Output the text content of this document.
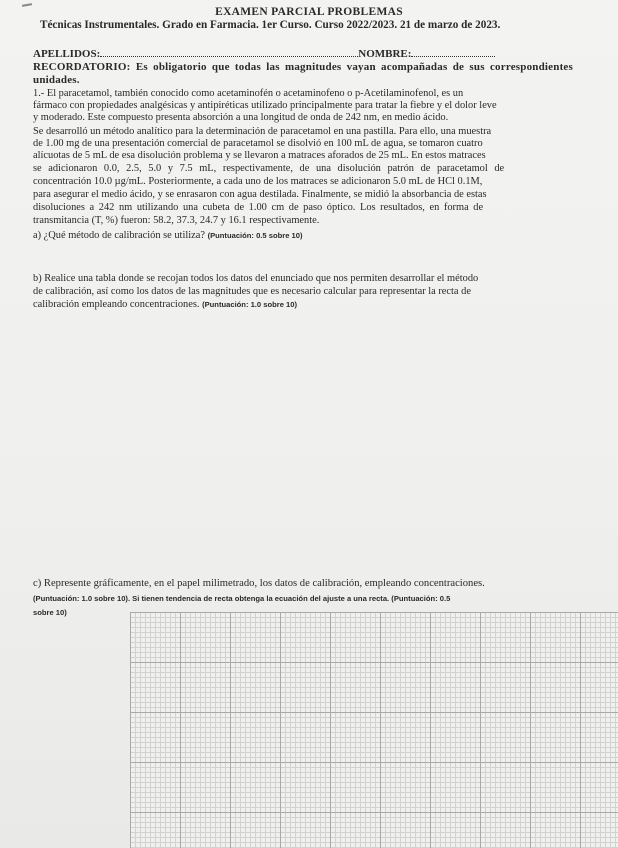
EXAMEN PARCIAL PROBLEMAS
Técnicas Instrumentales. Grado en Farmacia. 1er Curso. Curso 2022/2023. 21 de marzo de 2023.
APELLIDOS:	NOMBRE:
RECORDATORIO: Es obligatorio que todas las magnitudes vayan acompañadas de sus correspondientes unidades.
1.- El paracetamol, también conocido como acetaminofén o acetaminofeno o p-Acetilaminofenol, es un
fármaco con propiedades analgésicas y antipiréticas utilizado principalmente para tratar la fiebre y el dolor leve
y moderado. Este compuesto presenta absorción a una longitud de onda de 242 nm, en medio ácido.
Se desarrolló un método analítico para la determinación de paracetamol en una pastilla. Para ello, una muestra
de 1.00 mg de una presentación comercial de paracetamol se disolvió en 100 mL de agua, se tomaron cuatro
alícuotas de 5 mL de esa disolución problema y se llevaron a matraces aforados de 25 mL. En estos matraces
se adicionaron 0.0, 2.5, 5.0 y 7.5 mL, respectivamente, de una disolución patrón de paracetamol de
concentración 10.0 µg/mL. Posteriormente, a cada uno de los matraces se adicionaron 5.0 mL de HCl 0.1M,
para asegurar el medio ácido, y se enrasaron con agua destilada. Finalmente, se midió la absorbancia de estas
disoluciones a 242 nm utilizando una cubeta de 1.00 cm de paso óptico. Los resultados, en forma de
transmitancia (T, %) fueron: 58.2, 37.3, 24.7 y 16.1 respectivamente.
a) ¿Qué método de calibración se utiliza? (Puntuación: 0.5 sobre 10)
b) Realice una tabla donde se recojan todos los datos del enunciado que nos permiten desarrollar el método
de calibración, así como los datos de las magnitudes que es necesario calcular para representar la recta de
calibración empleando concentraciones. (Puntuación: 1.0 sobre 10)
c) Represente gráficamente, en el papel milimetrado, los datos de calibración, empleando concentraciones.
(Puntuación: 1.0 sobre 10). Si tienen tendencia de recta obtenga la ecuación del ajuste a una recta. (Puntuación: 0.5
sobre 10)
